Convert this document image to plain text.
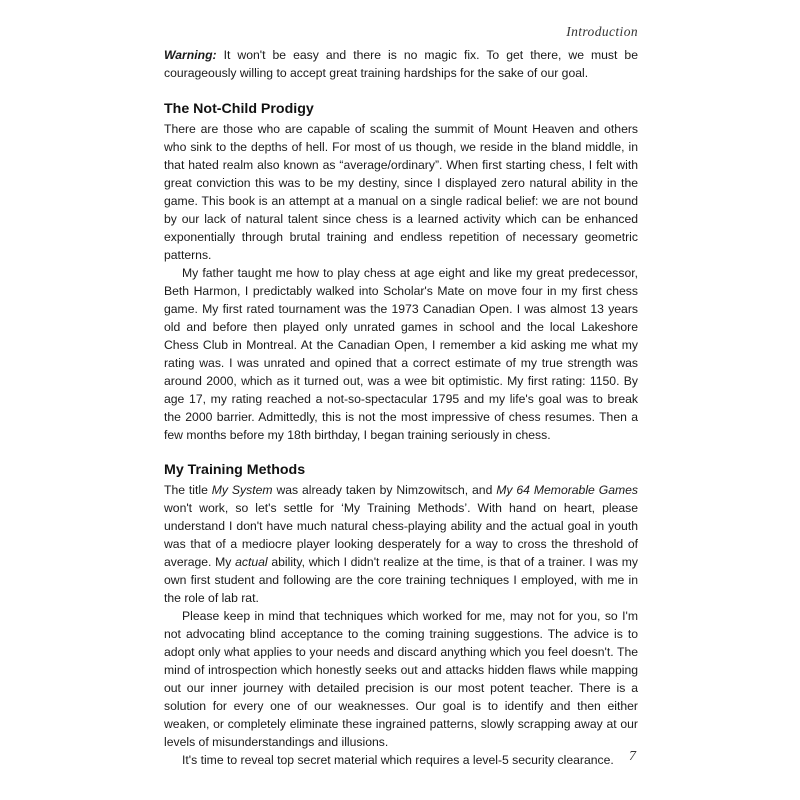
Introduction

Warning: It won't be easy and there is no magic fix. To get there, we must be courageously willing to accept great training hardships for the sake of our goal.

The Not-Child Prodigy

There are those who are capable of scaling the summit of Mount Heaven and others who sink to the depths of hell. For most of us though, we reside in the bland middle, in that hated realm also known as “average/ordinary”. When first starting chess, I felt with great conviction this was to be my destiny, since I displayed zero natural ability in the game. This book is an attempt at a manual on a single radical belief: we are not bound by our lack of natural talent since chess is a learned activity which can be enhanced exponentially through brutal training and endless repetition of necessary geometric patterns.

My father taught me how to play chess at age eight and like my great predecessor, Beth Harmon, I predictably walked into Scholar's Mate on move four in my first chess game. My first rated tournament was the 1973 Canadian Open. I was almost 13 years old and before then played only unrated games in school and the local Lakeshore Chess Club in Montreal. At the Canadian Open, I remember a kid asking me what my rating was. I was unrated and opined that a correct estimate of my true strength was around 2000, which as it turned out, was a wee bit optimistic. My first rating: 1150. By age 17, my rating reached a not-so-spectacular 1795 and my life's goal was to break the 2000 barrier. Admittedly, this is not the most impressive of chess resumes. Then a few months before my 18th birthday, I began training seriously in chess.

My Training Methods

The title My System was already taken by Nimzowitsch, and My 64 Memorable Games won't work, so let's settle for ‘My Training Methods’. With hand on heart, please understand I don't have much natural chess-playing ability and the actual goal in youth was that of a mediocre player looking desperately for a way to cross the threshold of average. My actual ability, which I didn't realize at the time, is that of a trainer. I was my own first student and following are the core training techniques I employed, with me in the role of lab rat.

Please keep in mind that techniques which worked for me, may not for you, so I'm not advocating blind acceptance to the coming training suggestions. The advice is to adopt only what applies to your needs and discard anything which you feel doesn't. The mind of introspection which honestly seeks out and attacks hidden flaws while mapping out our inner journey with detailed precision is our most potent teacher. There is a solution for every one of our weaknesses. Our goal is to identify and then either weaken, or completely eliminate these ingrained patterns, slowly scrapping away at our levels of misunderstandings and illusions.

It's time to reveal top secret material which requires a level-5 security clearance.	7
